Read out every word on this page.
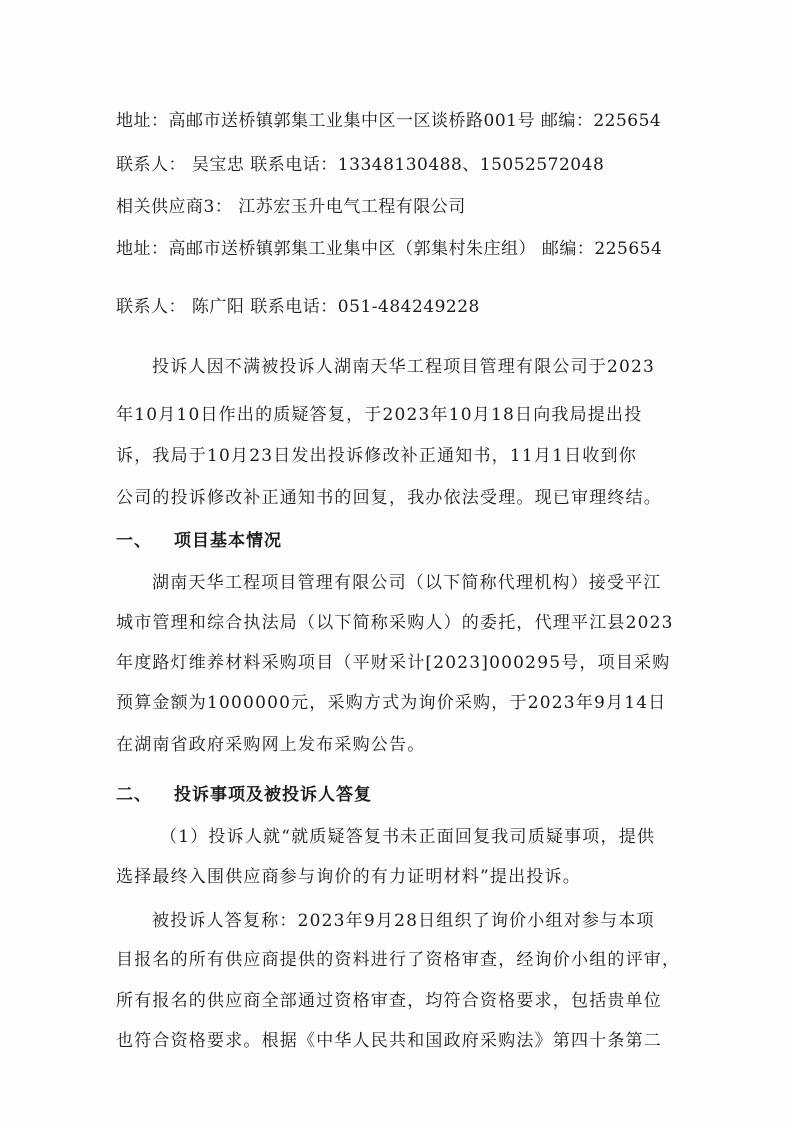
地址：高邮市送桥镇郭集工业集中区一区谈桥路001号 邮编：225654
联系人： 吴宝忠 联系电话：13348130488、15052572048
相关供应商3： 江苏宏玉升电气工程有限公司
地址：高邮市送桥镇郭集工业集中区（郭集村朱庄组） 邮编：225654
联系人： 陈广阳 联系电话：051-484249228
投诉人因不满被投诉人湖南天华工程项目管理有限公司于2023
年10月10日作出的质疑答复，于2023年10月18日向我局提出投
诉，我局于10月23日发出投诉修改补正通知书，11月1日收到你
公司的投诉修改补正通知书的回复，我办依法受理。现已审理终结。
一、 项目基本情况
湖南天华工程项目管理有限公司（以下简称代理机构）接受平江
城市管理和综合执法局（以下简称采购人）的委托，代理平江县2023
年度路灯维养材料采购项目（平财采计[2023]000295号，项目采购
预算金额为1000000元，采购方式为询价采购，于2023年9月14日
在湖南省政府采购网上发布采购公告。
二、 投诉事项及被投诉人答复
（1）投诉人就“就质疑答复书未正面回复我司质疑事项，提供
选择最终入围供应商参与询价的有力证明材料”提出投诉。
被投诉人答复称：2023年9月28日组织了询价小组对参与本项
目报名的所有供应商提供的资料进行了资格审查，经询价小组的评审，
所有报名的供应商全部通过资格审查，均符合资格要求，包括贵单位
也符合资格要求。根据《中华人民共和国政府采购法》第四十条第二
